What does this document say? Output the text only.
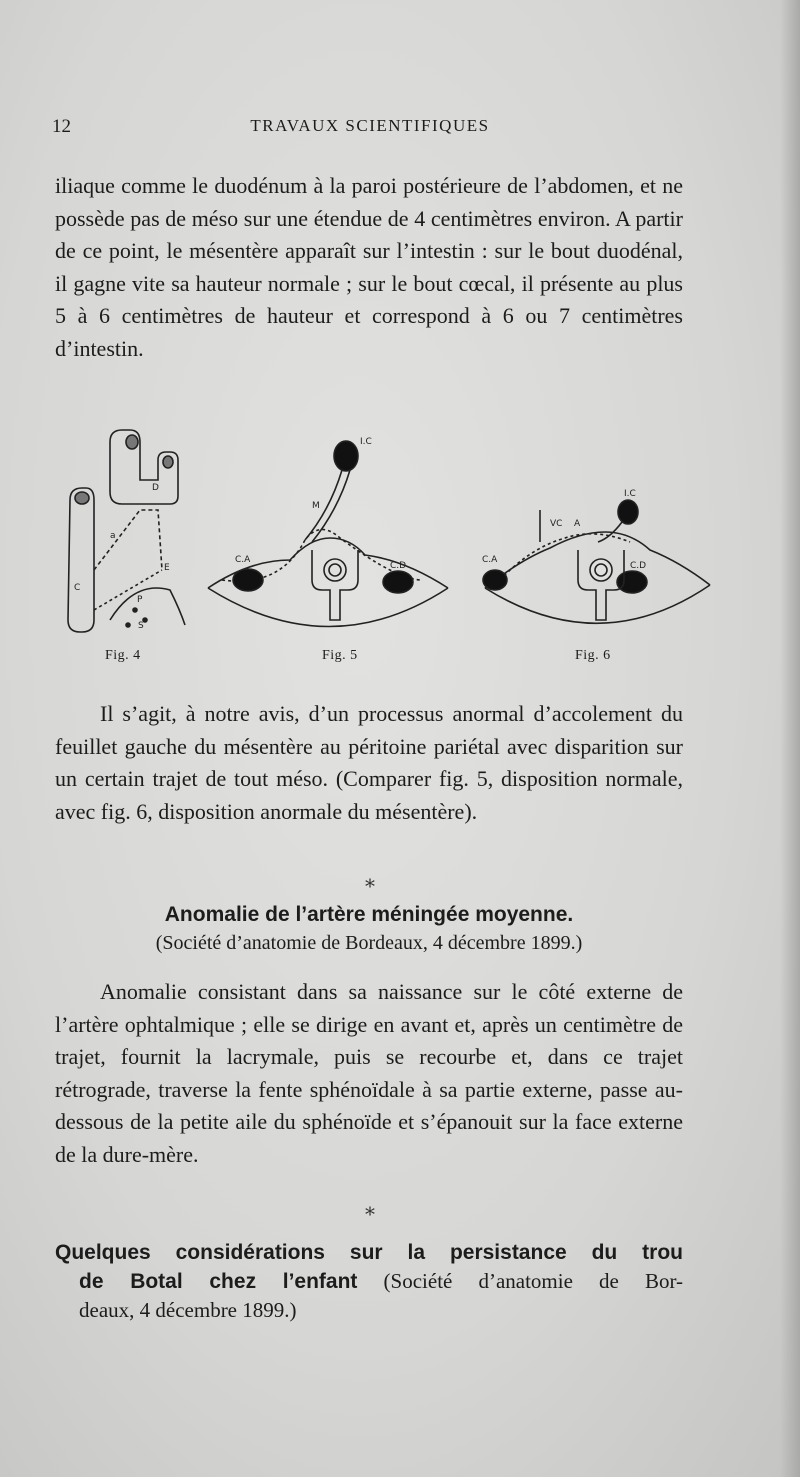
12	TRAVAUX SCIENTIFIQUES

iliaque comme le duodénum à la paroi postérieure de l’abdomen, et ne possède pas de méso sur une étendue de 4 centimètres environ. A partir de ce point, le mésentère apparaît sur l’intestin : sur le bout duodénal, il gagne vite sa hauteur normale ; sur le bout cœcal, il présente au plus 5 à 6 centimètres de hauteur et correspond à 6 ou 7 centimètres d’intestin.

C
D
E
P
S
a
C.A
C.D
M
I.C
C.A
C.D
I.C
VC A
Fig. 4	Fig. 5	Fig. 6

Il s’agit, à notre avis, d’un processus anormal d’accolement du feuillet gauche du mésentère au péritoine pariétal avec disparition sur un certain trajet de tout méso. (Comparer fig. 5, disposition normale, avec fig. 6, disposition anormale du mésentère).

⁎
Anomalie de l’artère méningée moyenne.

(Société d’anatomie de Bordeaux, 4 décembre 1899.)

Anomalie consistant dans sa naissance sur le côté externe de l’artère ophtalmique ; elle se dirige en avant et, après un centimètre de trajet, fournit la lacrymale, puis se recourbe et, dans ce trajet rétrograde, traverse la fente sphénoïdale à sa partie externe, passe au-dessous de la petite aile du sphénoïde et s’épanouit sur la face externe de la dure-mère.

⁎
Quelques considérations sur la persistance du trou
de Botal chez l’enfant (Société d’anatomie de Bor-
deaux, 4 décembre 1899.)
